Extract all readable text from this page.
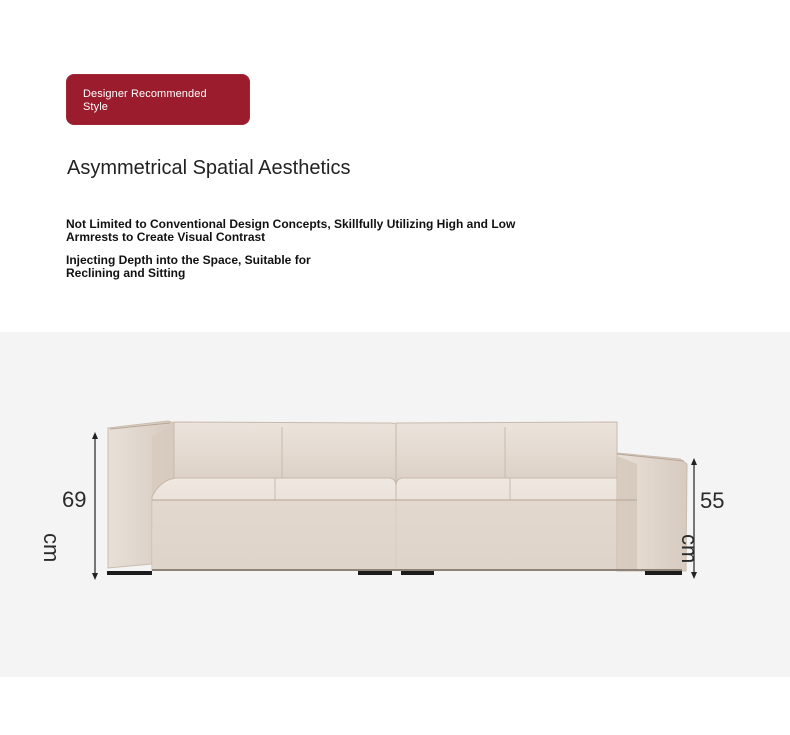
Designer Recommended Style
Asymmetrical Spatial Aesthetics
Not Limited to Conventional Design Concepts, Skillfully Utilizing High and Low Armrests to Create Visual Contrast
Injecting Depth into the Space, Suitable for Reclining and Sitting
69
cm
55
cm
